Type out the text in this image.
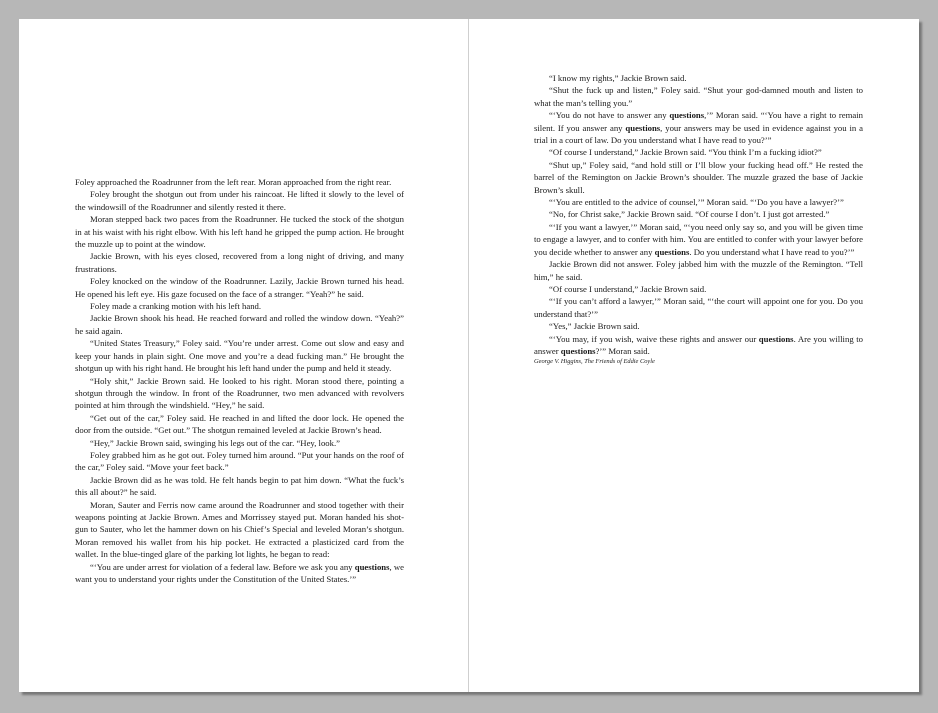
Foley approached the Roadrunner from the left rear. Moran approached from the right rear.

Foley brought the shotgun out from under his raincoat. He lifted it slowly to the level of the windowsill of the Roadrunner and silently rested it there.

Moran stepped back two paces from the Roadrunner. He tucked the stock of the shotgun in at his waist with his right elbow. With his left hand he gripped the pump action. He brought the muzzle up to point at the window.

Jackie Brown, with his eyes closed, recovered from a long night of driving, and many frustrations.

Foley knocked on the window of the Roadrunner. Lazily, Jackie Brown turned his head. He opened his left eye. His gaze focused on the face of a stranger. “Yeah?” he said.

Foley made a cranking motion with his left hand.

Jackie Brown shook his head. He reached forward and rolled the window down. “Yeah?” he said again.

“United States Treasury,” Foley said. “You’re under arrest. Come out slow and easy and keep your hands in plain sight. One move and you’re a dead fucking man.” He brought the shotgun up with his right hand. He brought his left hand under the pump and held it steady.

“Holy shit,” Jackie Brown said. He looked to his right. Moran stood there, pointing a shotgun through the window. In front of the Roadrunner, two men advanced with revolvers pointed at him through the windshield. “Hey,” he said.

“Get out of the car,” Foley said. He reached in and lifted the door lock. He opened the door from the outside. “Get out.” The shotgun remained leveled at Jackie Brown’s head.

“Hey,” Jackie Brown said, swinging his legs out of the car. “Hey, look.”

Foley grabbed him as he got out. Foley turned him around. “Put your hands on the roof of the car,” Foley said. “Move your feet back.”

Jackie Brown did as he was told. He felt hands begin to pat him down. “What the fuck’s this all about?” he said.

Moran, Sauter and Ferris now came around the Roadrunner and stood together with their weapons pointing at Jackie Brown. Ames and Morrissey stayed put. Moran handed his shot-gun to Sauter, who let the hammer down on his Chief’s Special and leveled Moran’s shotgun. Moran removed his wallet from his hip pocket. He extracted a plasticized card from the wallet. In the blue-tinged glare of the parking lot lights, he began to read:

“‘You are under arrest for violation of a federal law. Before we ask you any questions, we want you to understand your rights under the Constitution of the United States.’”

“I know my rights,” Jackie Brown said.

“Shut the fuck up and listen,” Foley said. “Shut your god-damned mouth and listen to what the man’s telling you.”

“‘You do not have to answer any questions,’” Moran said. “‘You have a right to remain silent. If you answer any questions, your answers may be used in evidence against you in a trial in a court of law. Do you understand what I have read to you?’”

“Of course I understand,” Jackie Brown said. “You think I’m a fucking idiot?”

“Shut up,” Foley said, “and hold still or I’ll blow your fucking head off.” He rested the barrel of the Remington on Jackie Brown’s shoulder. The muzzle grazed the base of Jackie Brown’s skull.

“‘You are entitled to the advice of counsel,’” Moran said. “‘Do you have a lawyer?’”

“No, for Christ sake,” Jackie Brown said. “Of course I don’t. I just got arrested.”

“‘If you want a lawyer,’” Moran said, “‘you need only say so, and you will be given time to engage a lawyer, and to confer with him. You are entitled to confer with your lawyer before you decide whether to answer any questions. Do you understand what I have read to you?’”

Jackie Brown did not answer. Foley jabbed him with the muzzle of the Remington. “Tell him,” he said.

“Of course I understand,” Jackie Brown said.

“‘If you can’t afford a lawyer,’” Moran said, “‘the court will appoint one for you. Do you understand that?’”

“Yes,” Jackie Brown said.

“‘You may, if you wish, waive these rights and answer our questions. Are you willing to answer questions?’” Moran said.

George V. Higgins, The Friends of Eddie Coyle
